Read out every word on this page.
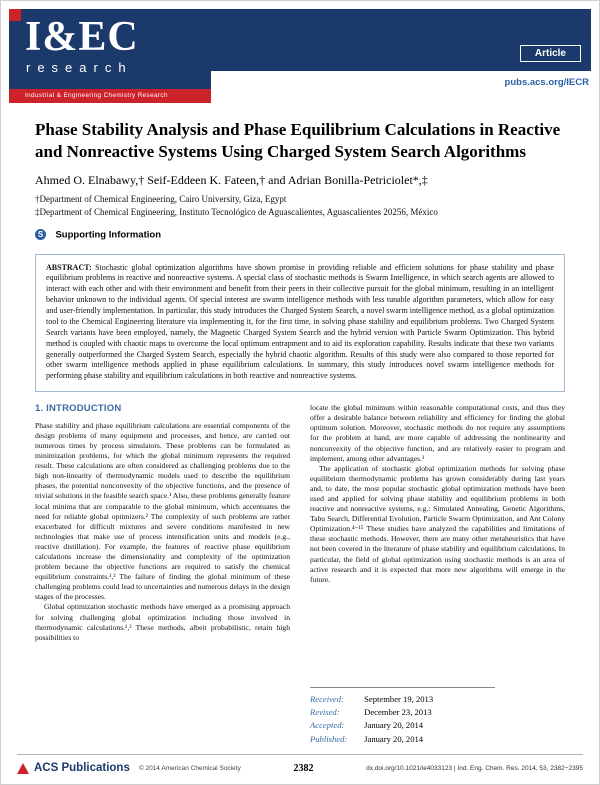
I&EC
research
Industrial & Engineering Chemistry Research
Article
pubs.acs.org/IECR
Phase Stability Analysis and Phase Equilibrium Calculations in Reactive and Nonreactive Systems Using Charged System Search Algorithms
Ahmed O. Elnabawy,† Seif-Eddeen K. Fateen,† and Adrian Bonilla-Petriciolet*,‡
†Department of Chemical Engineering, Cairo University, Giza, Egypt
‡Department of Chemical Engineering, Instituto Tecnológico de Aguascalientes, Aguascalientes 20256, México
S Supporting Information
ABSTRACT: Stochastic global optimization algorithms have shown promise in providing reliable and efficient solutions for phase stability and phase equilibrium problems in reactive and nonreactive systems. A special class of stochastic methods is Swarm Intelligence, in which search agents are allowed to interact with each other and with their environment and benefit from their peers in their collective pursuit for the global minimum, resulting in an intelligent behavior unknown to the individual agents. Of special interest are swarm intelligence methods with less tunable algorithm parameters, which allow for easy and user-friendly implementation. In particular, this study introduces the Charged System Search, a novel swarm intelligence method, as a global optimization tool to the Chemical Engineering literature via implementing it, for the first time, in solving phase stability and equilibrium problems. Two Charged System Search variants have been employed, namely, the Magnetic Charged System Search and the hybrid version with Particle Swarm Optimization. This hybrid method is coupled with chaotic maps to overcome the local optimum entrapment and to aid its exploration capability. Results indicate that these two variants generally outperformed the Charged System Search, especially the hybrid chaotic algorithm. Results of this study were also compared to those reported for other swarm intelligence methods applied in phase equilibrium calculations. In summary, this study introduces novel swarm intelligence methods for performing phase stability and equilibrium calculations in both reactive and nonreactive systems.
1. INTRODUCTION

Phase stability and phase equilibrium calculations are essential components of the design problems of many equipment and processes, and hence, are carried out numerous times by process simulators. These problems can be formulated as minimization problems, for which the global minimum represents the required result. These calculations are often considered as challenging problems due to the high non-linearity of thermodynamic models used to describe the equilibrium phases, the potential nonconvexity of the objective functions, and the presence of trivial solutions in the feasible search space.¹ Also, these problems generally feature local minima that are comparable to the global minimum, which accentuates the need for reliable global optimizers.² The complexity of such problems are rather exacerbated for difficult mixtures and severe conditions manifested in new technologies that make use of process intensification units and models (e.g., reactive distillation). For example, the features of reactive phase equilibrium calculations increase the dimensionality and complexity of the optimization problem because the objective functions are required to satisfy the chemical equilibrium constraints.¹,² The failure of finding the global minimum of these challenging problems could lead to uncertainties and numerous delays in the design stages of the processes.

Global optimization stochastic methods have emerged as a promising approach for solving challenging global optimization including those involved in thermodynamic calculations.¹,² These methods, albeit probabilistic, retain high possibilities to

locate the global minimum within reasonable computational costs, and thus they offer a desirable balance between reliability and efficiency for finding the global optimum solution. Moreover, stochastic methods do not require any assumptions for the problem at hand, are more capable of addressing the nonlinearity and nonconvexity of the objective function, and are relatively easier to program and implement, among other advantages.³

The application of stochastic global optimization methods for solving phase equilibrium thermodynamic problems has grown considerably during last years and, to date, the most popular stochastic global optimization methods have been used and applied for solving phase stability and equilibrium problems in both reactive and nonreactive systems, e.g.: Simulated Annealing, Genetic Algorithms, Tabu Search, Differential Evolution, Particle Swarm Optimization, and Ant Colony Optimization.⁴⁻¹⁵ These studies have analyzed the capabilities and limitations of these stochastic methods. However, there are many other metaheuristics that have not been covered in the literature of phase stability and equilibrium calculations. In particular, the field of global optimization using stochastic methods is an area of active research and it is expected that more new algorithms will emerge in the future.

Received: September 19, 2013
Revised:	December 23, 2013
Accepted: January 20, 2014
Published: January 20, 2014
ACS Publications © 2014 American Chemical Society	2382	dx.doi.org/10.1021/ie4033123 | Ind. Eng. Chem. Res. 2014, 53, 2382−2395
